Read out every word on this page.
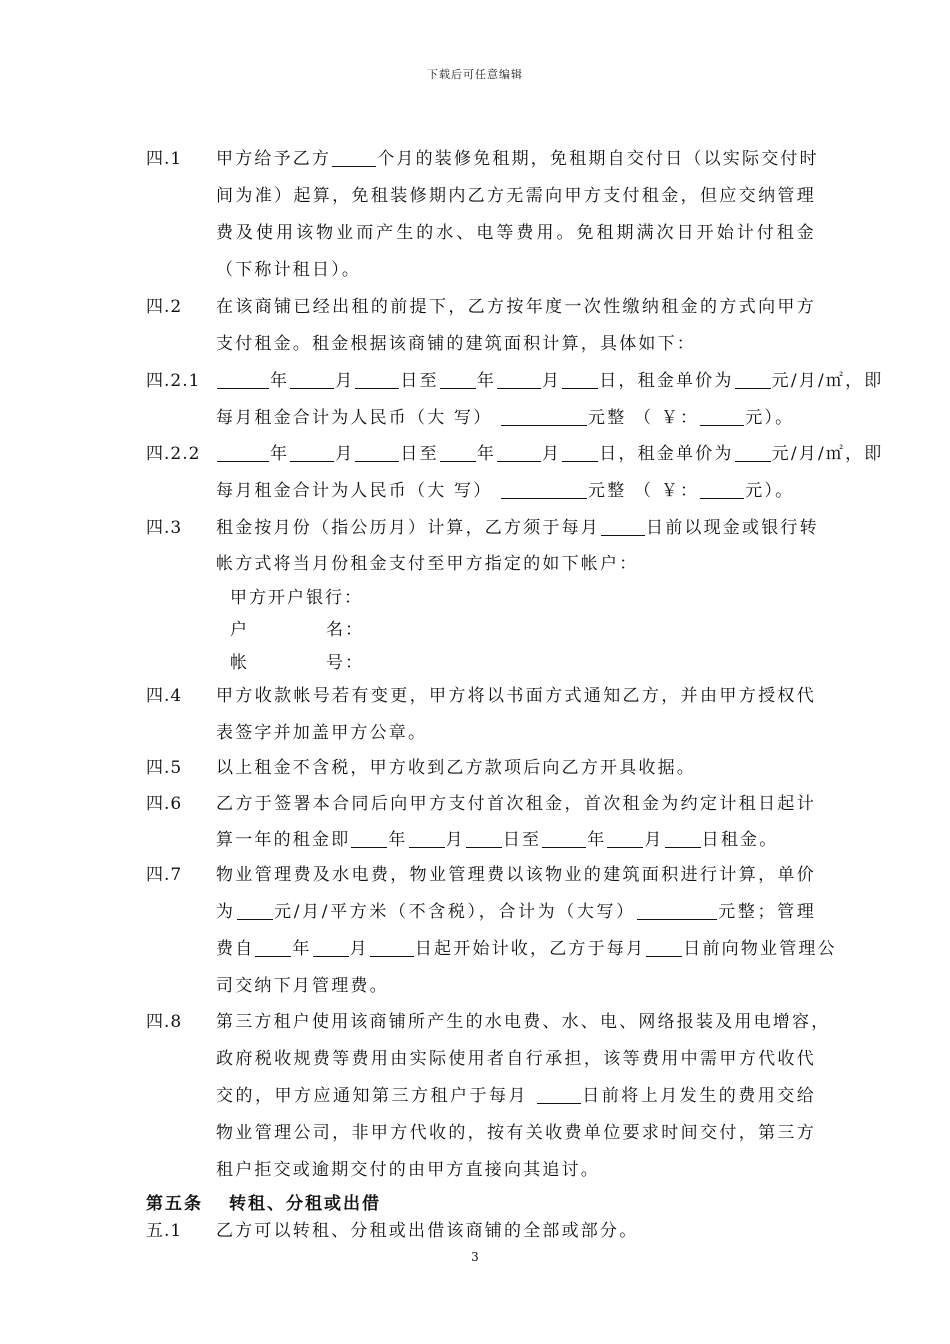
下载后可任意编辑
四.1	甲方给予乙方	个月的装修免租期，免租期自交付日（以实际交付时
间为准）起算，免租装修期内乙方无需向甲方支付租金，但应交纳管理
费及使用该物业而产生的水、电等费用。免租期满次日开始计付租金
（下称计租日）。
四.2	在该商铺已经出租的前提下，乙方按年度一次性缴纳租金的方式向甲方
支付租金。租金根据该商铺的建筑面积计算，具体如下：
四.2.1	年	月	日至 年	月 日，租金单价为 元/月/㎡，即
每月租金合计为人民币（大 写）	元整 （ ￥：	元）。
四.2.2	年	月	日至 年	月 日，租金单价为 元/月/㎡，即
每月租金合计为人民币（大 写）	元整 （ ￥：	元）。
四.3	租金按月份（指公历月）计算，乙方须于每月	日前以现金或银行转
帐方式将当月份租金支付至甲方指定的如下帐户：
甲方开户银行：
户	名：
帐	号：
四.4	甲方收款帐号若有变更，甲方将以书面方式通知乙方，并由甲方授权代
表签字并加盖甲方公章。
四.5	以上租金不含税，甲方收到乙方款项后向乙方开具收据。
四.6	乙方于签署本合同后向甲方支付首次租金，首次租金为约定计租日起计
算一年的租金即 年 月 日至	年 月 日租金。
四.7	物业管理费及水电费，物业管理费以该物业的建筑面积进行计算，单价
为 元/月/平方米（不含税），合计为（大写）	元整；管理
费自 年 月	日起开始计收，乙方于每月 日前向物业管理公
司交纳下月管理费。
四.8	第三方租户使用该商铺所产生的水电费、水、电、网络报装及用电增容，
政府税收规费等费用由实际使用者自行承担，该等费用中需甲方代收代
交的，甲方应通知第三方租户于每月	日前将上月发生的费用交给
物业管理公司，非甲方代收的，按有关收费单位要求时间交付，第三方
租户拒交或逾期交付的由甲方直接向其追讨。
第五条 转租、分租或出借
五.1	乙方可以转租、分租或出借该商铺的全部或部分。
3
